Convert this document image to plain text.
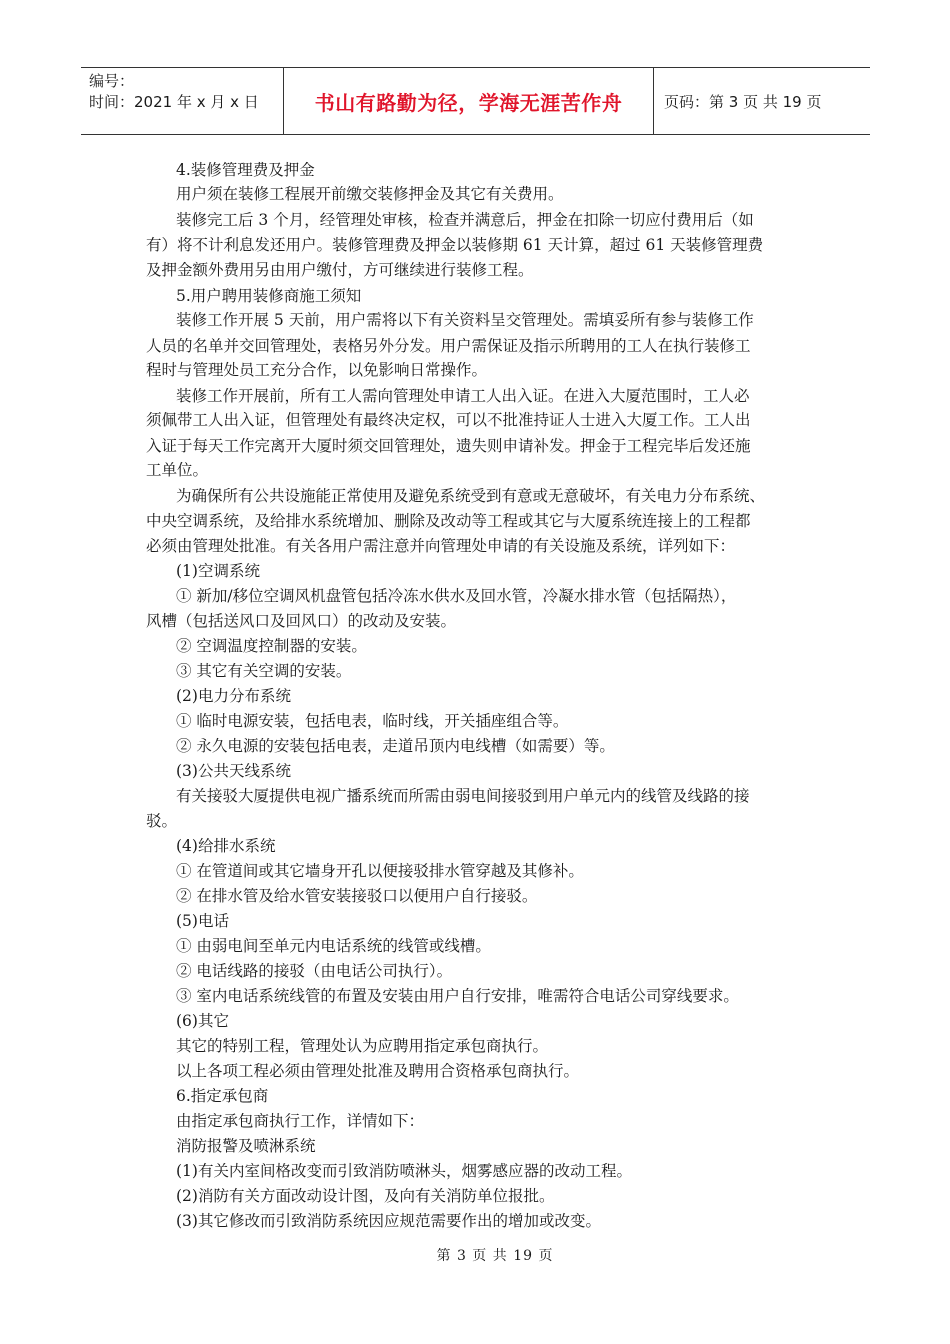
编号：
时间：2021 年 x 月 x 日	书山有路勤为径，学海无涯苦作舟	页码：第 3 页 共 19 页
4.装修管理费及押金
用户须在装修工程展开前缴交装修押金及其它有关费用。
装修完工后 3 个月，经管理处审核，检查并满意后，押金在扣除一切应付费用后（如
有）将不计利息发还用户。装修管理费及押金以装修期 61 天计算，超过 61 天装修管理费
及押金额外费用另由用户缴付，方可继续进行装修工程。
5.用户聘用装修商施工须知
装修工作开展 5 天前，用户需将以下有关资料呈交管理处。需填妥所有参与装修工作
人员的名单并交回管理处，表格另外分发。用户需保证及指示所聘用的工人在执行装修工
程时与管理处员工充分合作，以免影响日常操作。
装修工作开展前，所有工人需向管理处申请工人出入证。在进入大厦范围时，工人必
须佩带工人出入证，但管理处有最终决定权，可以不批准持证人士进入大厦工作。工人出
入证于每天工作完离开大厦时须交回管理处，遗失则申请补发。押金于工程完毕后发还施
工单位。
为确保所有公共设施能正常使用及避免系统受到有意或无意破坏，有关电力分布系统、
中央空调系统，及给排水系统增加、删除及改动等工程或其它与大厦系统连接上的工程都
必须由管理处批准。有关各用户需注意并向管理处申请的有关设施及系统，详列如下：
(1)空调系统
① 新加/移位空调风机盘管包括冷冻水供水及回水管，冷凝水排水管（包括隔热），
风槽（包括送风口及回风口）的改动及安装。
② 空调温度控制器的安装。
③ 其它有关空调的安装。
(2)电力分布系统
① 临时电源安装，包括电表，临时线，开关插座组合等。
② 永久电源的安装包括电表，走道吊顶内电线槽（如需要）等。
(3)公共天线系统
有关接驳大厦提供电视广播系统而所需由弱电间接驳到用户单元内的线管及线路的接
驳。
(4)给排水系统
① 在管道间或其它墙身开孔以便接驳排水管穿越及其修补。
② 在排水管及给水管安装接驳口以便用户自行接驳。
(5)电话
① 由弱电间至单元内电话系统的线管或线槽。
② 电话线路的接驳（由电话公司执行）。
③ 室内电话系统线管的布置及安装由用户自行安排，唯需符合电话公司穿线要求。
(6)其它
其它的特别工程，管理处认为应聘用指定承包商执行。
以上各项工程必须由管理处批准及聘用合资格承包商执行。
6.指定承包商
由指定承包商执行工作，详情如下：
消防报警及喷淋系统
(1)有关内室间格改变而引致消防喷淋头，烟雾感应器的改动工程。
(2)消防有关方面改动设计图，及向有关消防单位报批。
(3)其它修改而引致消防系统因应规范需要作出的增加或改变。
第 3 页 共 19 页
